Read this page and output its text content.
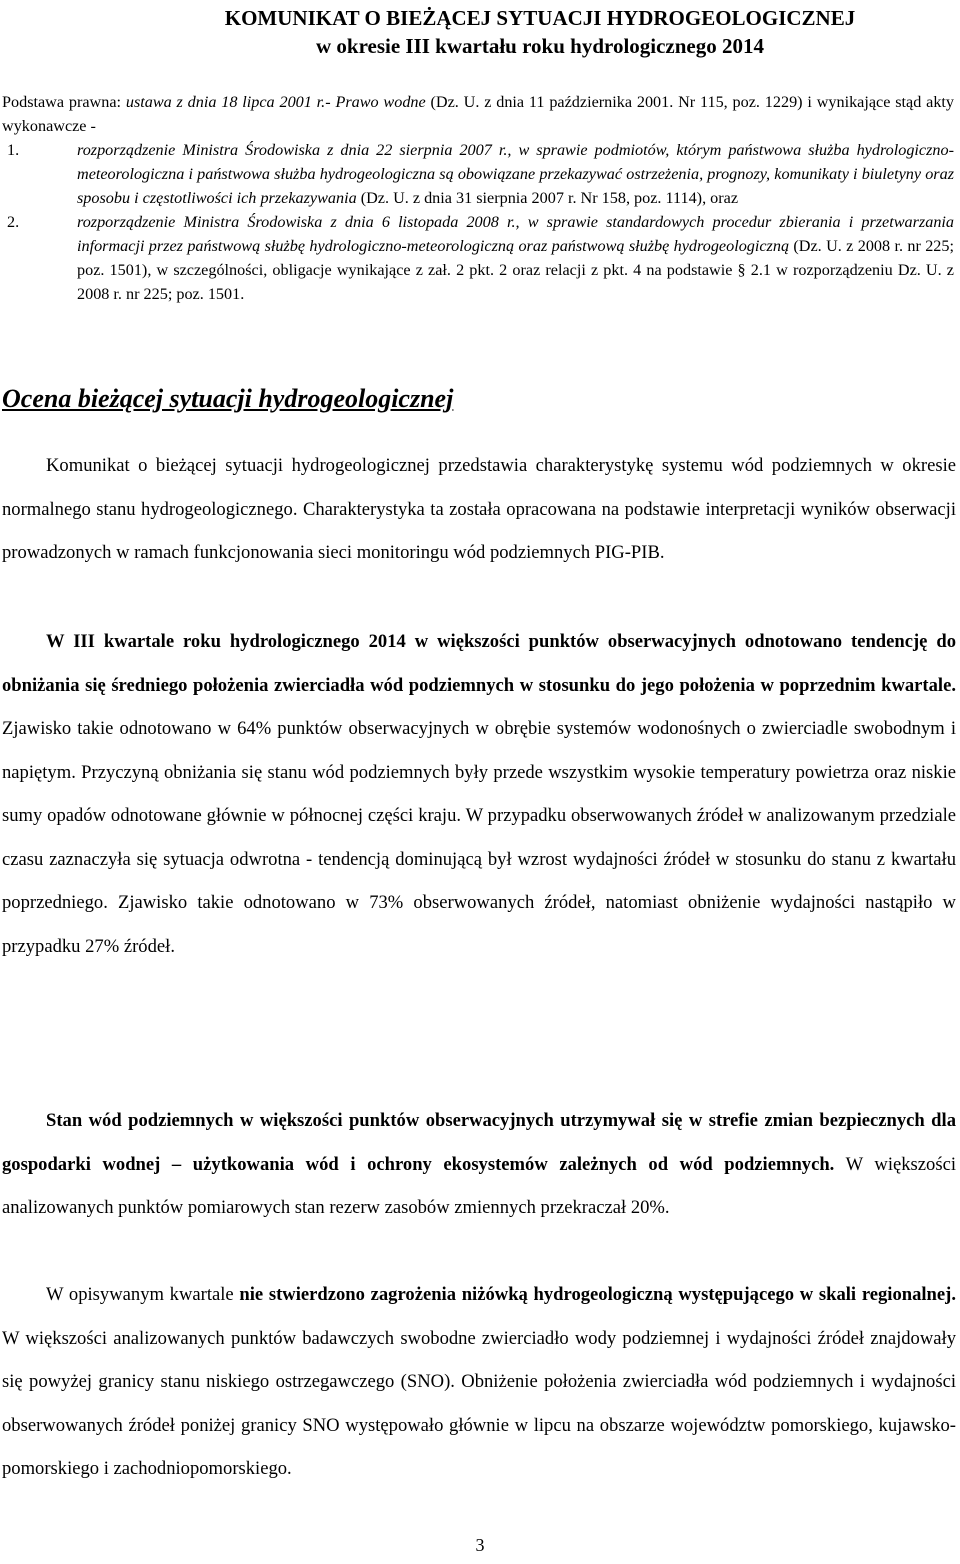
KOMUNIKAT O BIEŻĄCEJ SYTUACJI HYDROGEOLOGICZNEJ
w okresie III kwartału roku hydrologicznego 2014
Podstawa prawna: ustawa z dnia 18 lipca 2001 r.- Prawo wodne (Dz. U. z dnia 11 października 2001. Nr 115, poz. 1229) i wynikające stąd akty wykonawcze -
1.	rozporządzenie Ministra Środowiska z dnia 22 sierpnia 2007 r., w sprawie podmiotów, którym państwowa służba hydrologiczno-meteorologiczna i państwowa służba hydrogeologiczna są obowiązane przekazywać ostrzeżenia, prognozy, komunikaty i biuletyny oraz sposobu i częstotliwości ich przekazywania (Dz. U. z dnia 31 sierpnia 2007 r. Nr 158, poz. 1114), oraz
2.	rozporządzenie Ministra Środowiska z dnia 6 listopada 2008 r., w sprawie standardowych procedur zbierania i przetwarzania informacji przez państwową służbę hydrologiczno-meteorologiczną oraz państwową służbę hydrogeologiczną (Dz. U. z 2008 r. nr 225; poz. 1501), w szczególności, obligacje wynikające z zał. 2 pkt. 2 oraz relacji z pkt. 4 na podstawie § 2.1 w rozporządzeniu Dz. U. z 2008 r. nr 225; poz. 1501.
Ocena bieżącej sytuacji hydrogeologicznej
Komunikat o bieżącej sytuacji hydrogeologicznej przedstawia charakterystykę systemu wód podziemnych w okresie normalnego stanu hydrogeologicznego. Charakterystyka ta została opracowana na podstawie interpretacji wyników obserwacji prowadzonych w ramach funkcjonowania sieci monitoringu wód podziemnych PIG-PIB.
W III kwartale roku hydrologicznego 2014 w większości punktów obserwacyjnych odnotowano tendencję do obniżania się średniego położenia zwierciadła wód podziemnych w stosunku do jego położenia w poprzednim kwartale. Zjawisko takie odnotowano w 64% punktów obserwacyjnych w obrębie systemów wodonośnych o zwierciadle swobodnym i napiętym. Przyczyną obniżania się stanu wód podziemnych były przede wszystkim wysokie temperatury powietrza oraz niskie sumy opadów odnotowane głównie w północnej części kraju. W przypadku obserwowanych źródeł w analizowanym przedziale czasu zaznaczyła się sytuacja odwrotna - tendencją dominującą był wzrost wydajności źródeł w stosunku do stanu z kwartału poprzedniego. Zjawisko takie odnotowano w 73% obserwowanych źródeł, natomiast obniżenie wydajności nastąpiło w przypadku 27% źródeł.
Stan wód podziemnych w większości punktów obserwacyjnych utrzymywał się w strefie zmian bezpiecznych dla gospodarki wodnej – użytkowania wód i ochrony ekosystemów zależnych od wód podziemnych. W większości analizowanych punktów pomiarowych stan rezerw zasobów zmiennych przekraczał 20%.
W opisywanym kwartale nie stwierdzono zagrożenia niżówką hydrogeologiczną występującego w skali regionalnej. W większości analizowanych punktów badawczych swobodne zwierciadło wody podziemnej i wydajności źródeł znajdowały się powyżej granicy stanu niskiego ostrzegawczego (SNO). Obniżenie położenia zwierciadła wód podziemnych i wydajności obserwowanych źródeł poniżej granicy SNO występowało głównie w lipcu na obszarze województw pomorskiego, kujawsko-pomorskiego i zachodniopomorskiego.
3
